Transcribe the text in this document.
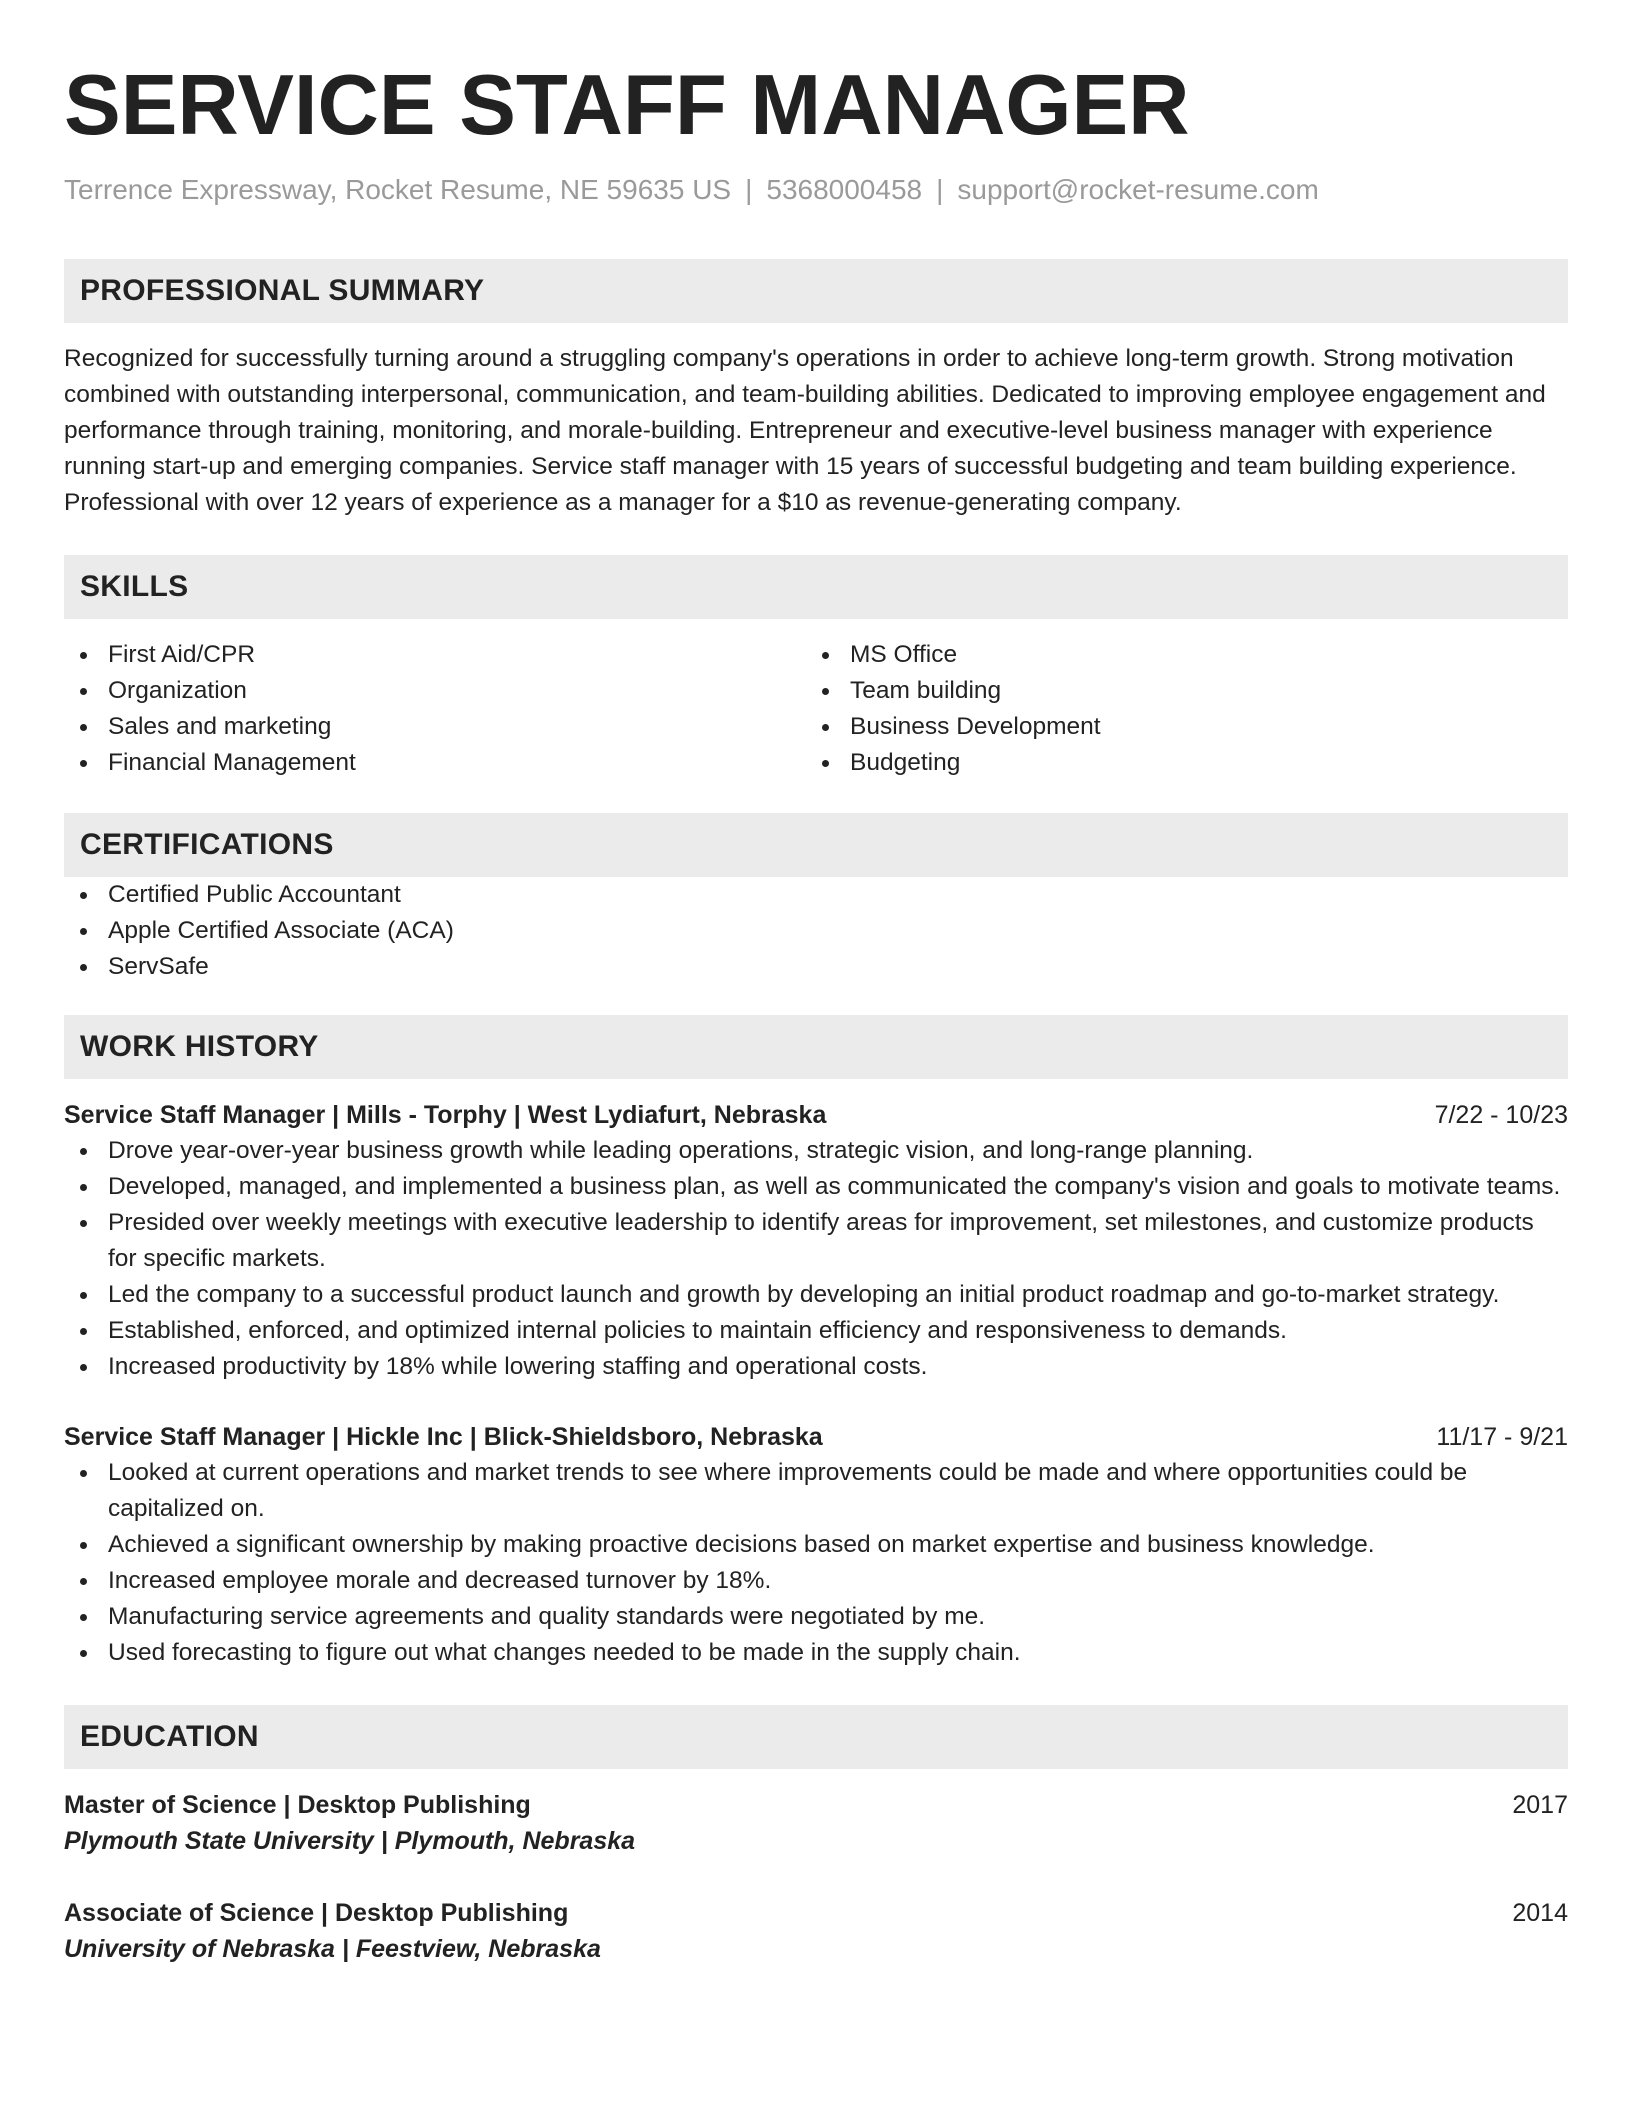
SERVICE STAFF MANAGER
Terrence Expressway, Rocket Resume, NE 59635 US | 5368000458 | support@rocket-resume.com
PROFESSIONAL SUMMARY
Recognized for successfully turning around a struggling company's operations in order to achieve long-term growth. Strong motivation combined with outstanding interpersonal, communication, and team-building abilities. Dedicated to improving employee engagement and performance through training, monitoring, and morale-building. Entrepreneur and executive-level business manager with experience running start-up and emerging companies. Service staff manager with 15 years of successful budgeting and team building experience. Professional with over 12 years of experience as a manager for a $10 as revenue-generating company.
SKILLS
First Aid/CPR
Organization
Sales and marketing
Financial Management
MS Office
Team building
Business Development
Budgeting
CERTIFICATIONS
Certified Public Accountant
Apple Certified Associate (ACA)
ServSafe
WORK HISTORY
Service Staff Manager | Mills - Torphy | West Lydiafurt, Nebraska	7/22 - 10/23
Drove year-over-year business growth while leading operations, strategic vision, and long-range planning.
Developed, managed, and implemented a business plan, as well as communicated the company's vision and goals to motivate teams.
Presided over weekly meetings with executive leadership to identify areas for improvement, set milestones, and customize products for specific markets.
Led the company to a successful product launch and growth by developing an initial product roadmap and go-to-market strategy.
Established, enforced, and optimized internal policies to maintain efficiency and responsiveness to demands.
Increased productivity by 18% while lowering staffing and operational costs.
Service Staff Manager | Hickle Inc | Blick-Shieldsboro, Nebraska	11/17 - 9/21
Looked at current operations and market trends to see where improvements could be made and where opportunities could be capitalized on.
Achieved a significant ownership by making proactive decisions based on market expertise and business knowledge.
Increased employee morale and decreased turnover by 18%.
Manufacturing service agreements and quality standards were negotiated by me.
Used forecasting to figure out what changes needed to be made in the supply chain.
EDUCATION
Master of Science | Desktop Publishing	2017
Plymouth State University | Plymouth, Nebraska
Associate of Science | Desktop Publishing	2014
University of Nebraska | Feestview, Nebraska
